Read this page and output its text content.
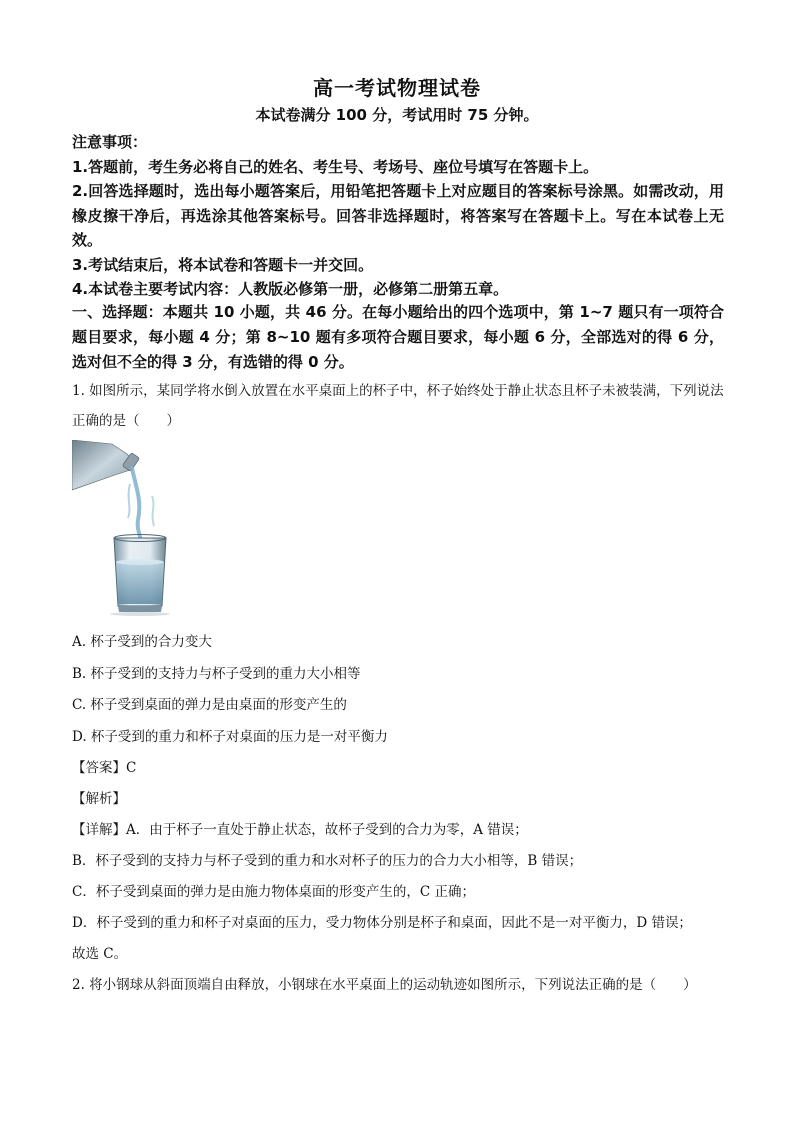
高一考试物理试卷
本试卷满分 100 分，考试用时 75 分钟。

注意事项：

1.答题前，考生务必将自己的姓名、考生号、考场号、座位号填写在答题卡上。

2.回答选择题时，选出每小题答案后，用铅笔把答题卡上对应题目的答案标号涂黑。如需改动，用橡皮擦干净后，再选涂其他答案标号。回答非选择题时，将答案写在答题卡上。写在本试卷上无效。

3.考试结束后，将本试卷和答题卡一并交回。

4.本试卷主要考试内容：人教版必修第一册，必修第二册第五章。

一、选择题：本题共 10 小题，共 46 分。在每小题给出的四个选项中，第 1~7 题只有一项符合题目要求，每小题 4 分；第 8~10 题有多项符合题目要求，每小题 6 分，全部选对的得 6 分，选对但不全的得 3 分，有选错的得 0 分。
1. 如图所示，某同学将水倒入放置在水平桌面上的杯子中，杯子始终处于静止状态且杯子未被装满，下列说法正确的是（　　）
A. 杯子受到的合力变大
B. 杯子受到的支持力与杯子受到的重力大小相等
C. 杯子受到桌面的弹力是由桌面的形变产生的
D. 杯子受到的重力和杯子对桌面的压力是一对平衡力
【答案】C
【解析】
【详解】A．由于杯子一直处于静止状态，故杯子受到的合力为零，A 错误；
B．杯子受到的支持力与杯子受到的重力和水对杯子的压力的合力大小相等，B 错误；
C．杯子受到桌面的弹力是由施力物体桌面的形变产生的，C 正确；
D．杯子受到的重力和杯子对桌面的压力，受力物体分别是杯子和桌面，因此不是一对平衡力，D 错误；
故选 C。
2. 将小钢球从斜面顶端自由释放，小钢球在水平桌面上的运动轨迹如图所示，下列说法正确的是（　　）
